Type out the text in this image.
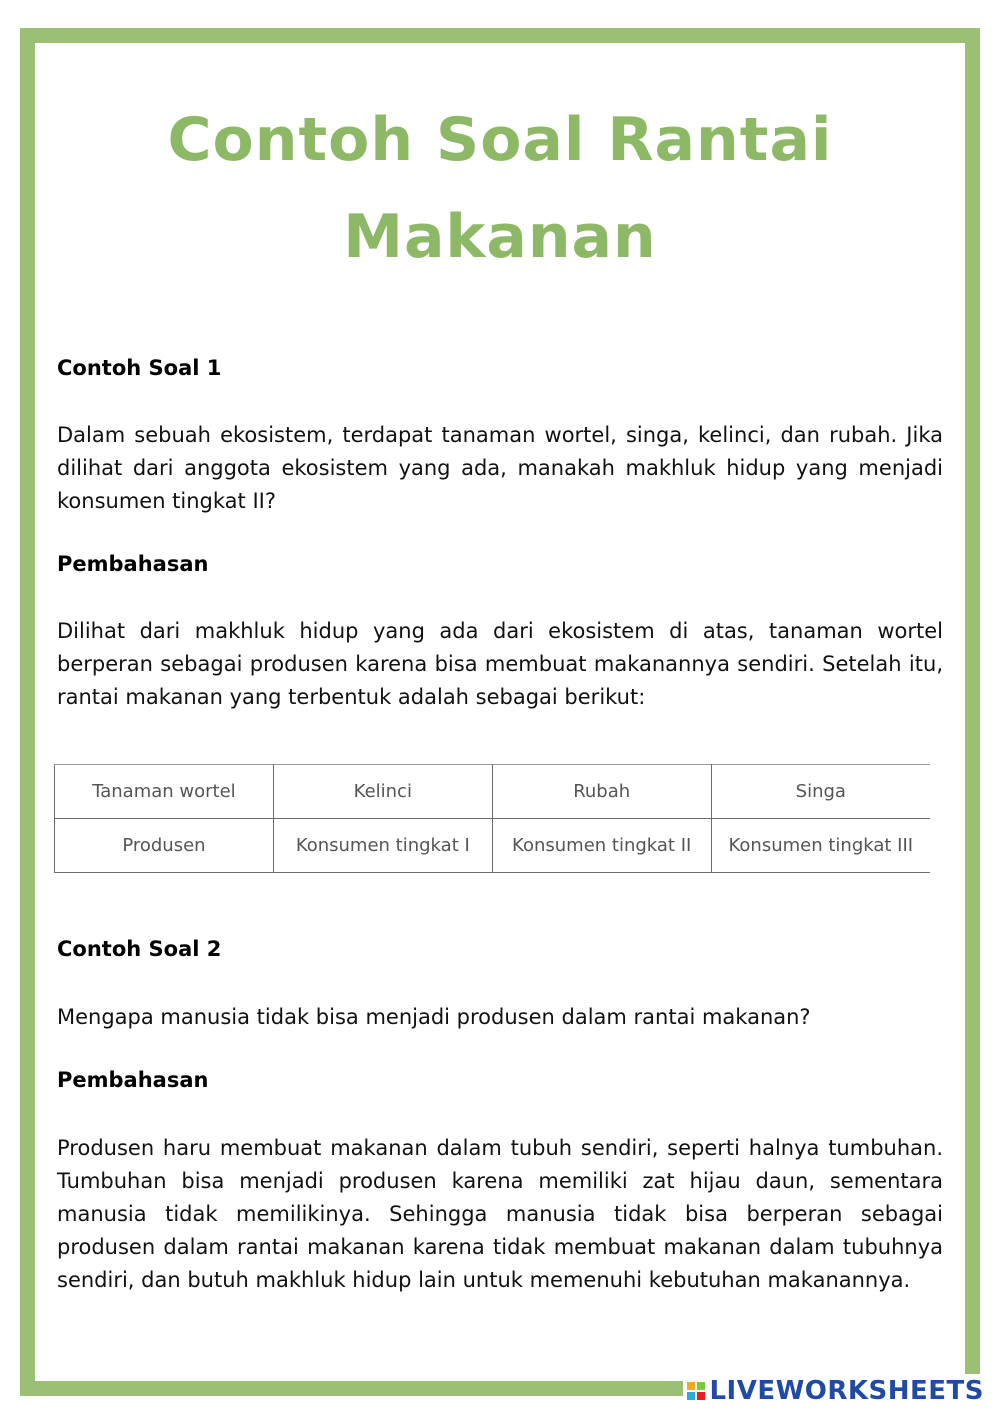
Contoh Soal Rantai
Makanan

Contoh Soal 1

Dalam sebuah ekosistem, terdapat tanaman wortel, singa, kelinci, dan rubah. Jika dilihat dari anggota ekosistem yang ada, manakah makhluk hidup yang menjadi konsumen tingkat II?

Pembahasan

Dilihat dari makhluk hidup yang ada dari ekosistem di atas, tanaman wortel berperan sebagai produsen karena bisa membuat makanannya sendiri. Setelah itu, rantai makanan yang terbentuk adalah sebagai berikut:

Tanaman wortel	Kelinci	Rubah	Singa
Produsen	Konsumen tingkat I	Konsumen tingkat II	Konsumen tingkat III

Contoh Soal 2

Mengapa manusia tidak bisa menjadi produsen dalam rantai makanan?

Pembahasan

Produsen haru membuat makanan dalam tubuh sendiri, seperti halnya tumbuhan. Tumbuhan bisa menjadi produsen karena memiliki zat hijau daun, sementara manusia tidak memilikinya. Sehingga manusia tidak bisa berperan sebagai produsen dalam rantai makanan karena tidak membuat makanan dalam tubuhnya sendiri, dan butuh makhluk hidup lain untuk memenuhi kebutuhan makanannya.

LIVEWORKSHEETS
